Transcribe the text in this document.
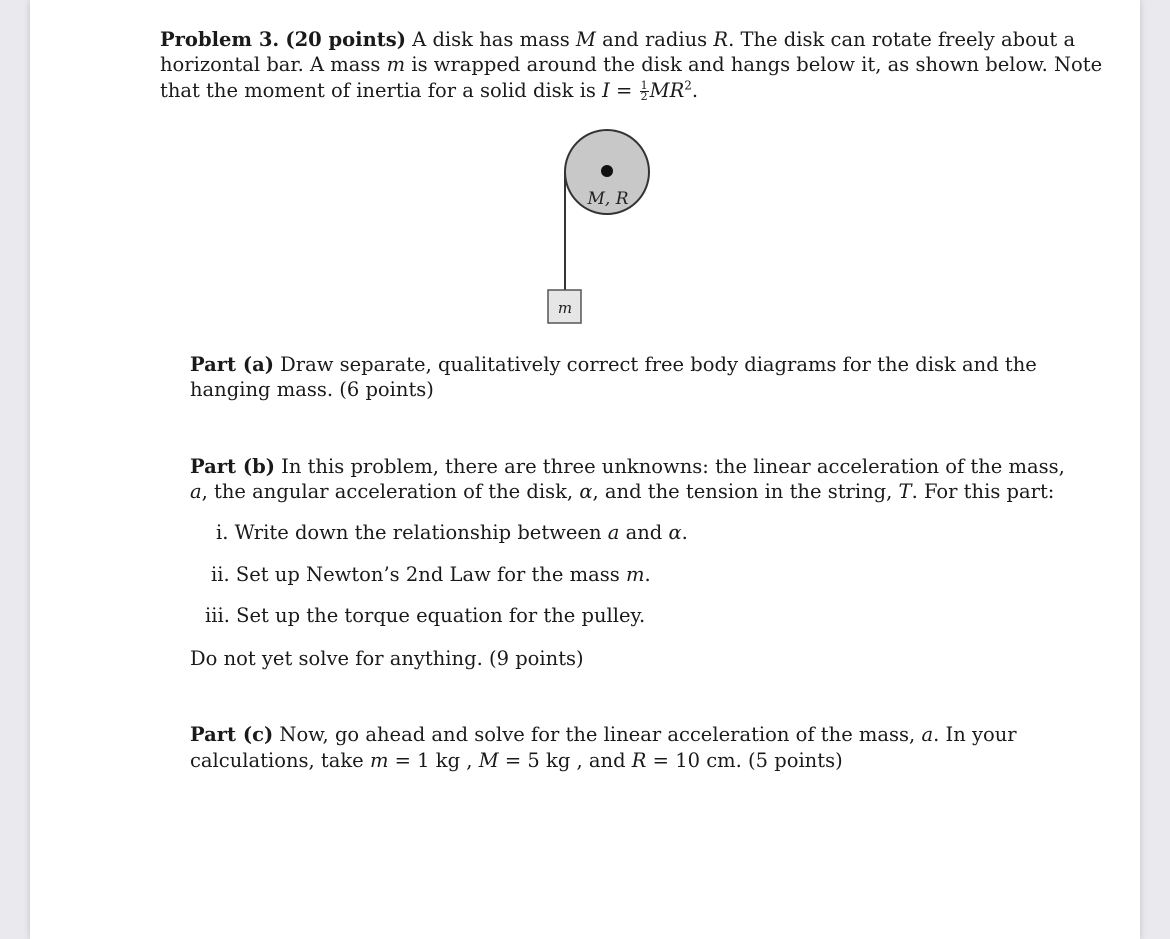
Problem 3. (20 points) A disk has mass M and radius R. The disk can rotate freely about a
horizontal bar. A mass m is wrapped around the disk and hangs below it, as shown below. Note
that the moment of inertia for a solid disk is $I = \frac{1}{2} MR^2$.
M, R
m
Part (a) Draw separate, qualitatively correct free body diagrams for the disk and the
hanging mass. (6 points)
Part (b) In this problem, there are three unknowns: the linear acceleration of the mass,
a, the angular acceleration of the disk, α, and the tension in the string, T. For this part:
i. Write down the relationship between a and α.
ii. Set up Newton’s 2nd Law for the mass m.
iii. Set up the torque equation for the pulley.
Do not yet solve for anything. (9 points)
Part (c) Now, go ahead and solve for the linear acceleration of the mass, a. In your
calculations, take m = 1 kg , M = 5 kg , and R = 10 cm. (5 points)
